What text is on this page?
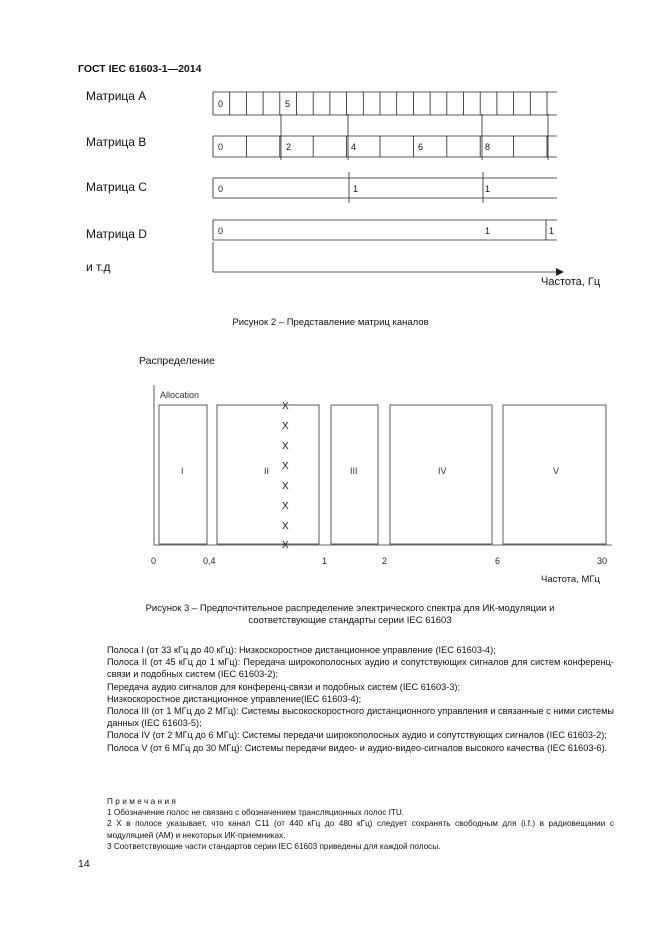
ГОСТ IEC 61603-1—2014
Матрица А
Матрица В
Матрица С
Матрица D
и т.д
0	5
0	2	4	6	8
0	1	1
0	1	1
Частота, Гц
Рисунок 2 – Представление матриц каналов
Распределение
Allocation
I	II	III	IV	V
X
X
X
X
X
X
X
X
0	0,4	1	2	6	30
Частота, МГц
Рисунок 3 – Предпочтительное распределение электрического спектра для ИК-модуляции и
соответствующие стандарты серии IEC 61603

Полоса I (от 33 кГц до 40 кГц): Низкоскоростное дистанционное управление (IEC 61603-4);

Полоса II (от 45 кГц до 1 мГц): Передача широкополосных аудио и сопутствующих сигналов для систем конференц-связи и подобных систем (IEC 61603-2);

Передача аудио сигналов для конференц-связи и подобных систем (IEC 61603-3);

Низкоскоростное дистанционное управление(IEC 61603-4);

Полоса III (от 1 МГц до 2 МГц): Системы высокоскоростного дистанционного управления и связанные с ними системы данных (IEC 61603-5);

Полоса IV (от 2 МГц до 6 МГц): Системы передачи широкополосных аудио и сопутствующих сигналов (IEC 61603-2);

Полоса V (от 6 МГц до 30 МГц): Системы передачи видео- и аудио-видео-сигналов высокого качества (IEC 61603-6).

Примечания

1 Обозначение полос не связано с обозначением трансляционных полос ITU.

2 X в полосе указывает, что канал С11 (от 440 кГц до 480 кГц) следует сохранять свободным для (i.f.) в радиовещании с модуляцией (АМ) и некоторых ИК-приемниках.

3 Соответствующие части стандартов серии IEC 61603 приведены для каждой полосы.

14
